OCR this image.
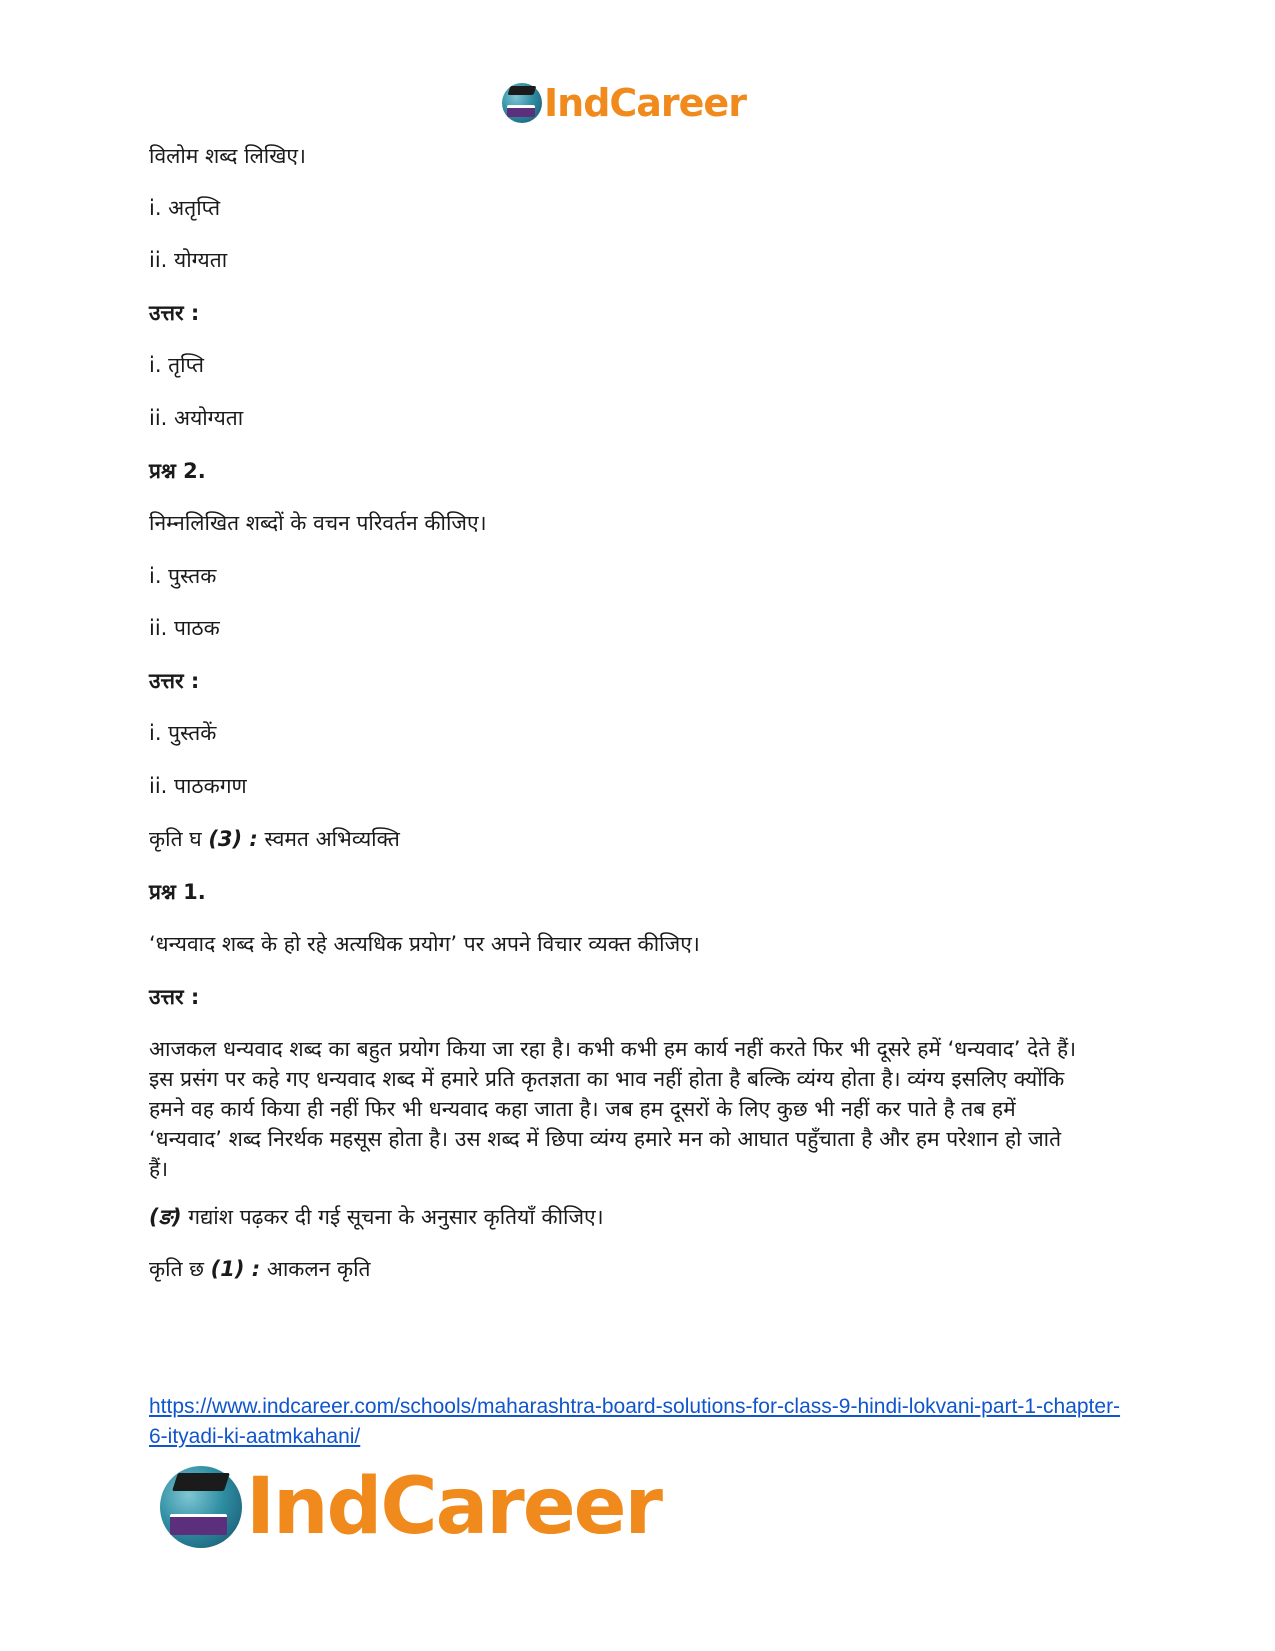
IndCareer

विलोम शब्द लिखिए।

i. अतृप्ति

ii. योग्यता

उत्तर :

i. तृप्ति

ii. अयोग्यता

प्रश्न 2.

निम्नलिखित शब्दों के वचन परिवर्तन कीजिए।

i. पुस्तक

ii. पाठक

उत्तर :

i. पुस्तकें

ii. पाठकगण

कृति घ (3) : स्वमत अभिव्यक्ति

प्रश्न 1.

‘धन्यवाद शब्द के हो रहे अत्यधिक प्रयोग’ पर अपने विचार व्यक्त कीजिए।

उत्तर :

आजकल धन्यवाद शब्द का बहुत प्रयोग किया जा रहा है। कभी कभी हम कार्य नहीं करते फिर भी दूसरे हमें ‘धन्यवाद’ देते हैं। इस प्रसंग पर कहे गए धन्यवाद शब्द में हमारे प्रति कृतज्ञता का भाव नहीं होता है बल्कि व्यंग्य होता है। व्यंग्य इसलिए क्योंकि हमने वह कार्य किया ही नहीं फिर भी धन्यवाद कहा जाता है। जब हम दूसरों के लिए कुछ भी नहीं कर पाते है तब हमें ‘धन्यवाद’ शब्द निरर्थक महसूस होता है। उस शब्द में छिपा व्यंग्य हमारे मन को आघात पहुँचाता है और हम परेशान हो जाते हैं।

(ङ) गद्यांश पढ़कर दी गई सूचना के अनुसार कृतियाँ कीजिए।

कृति छ (1) : आकलन कृति

https://www.indcareer.com/schools/maharashtra-board-solutions-for-class-9-hindi-lokvani-part-1-chapter-6-ityadi-ki-aatmkahani/
IndCareer
